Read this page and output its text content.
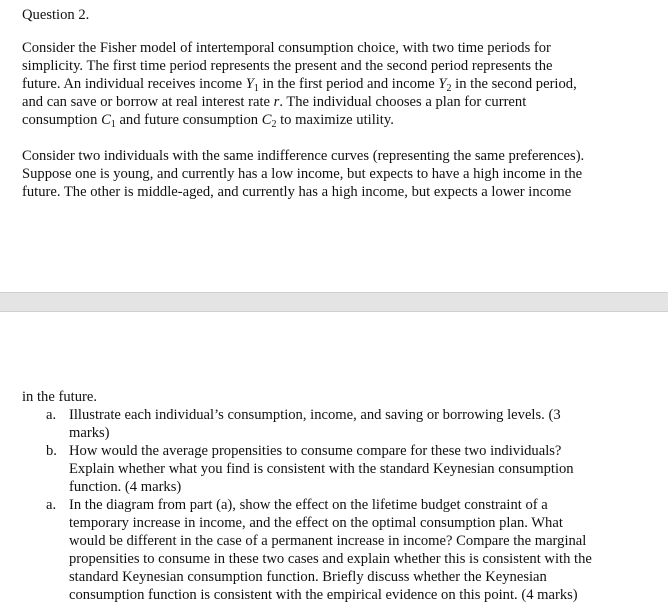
Question 2.
Consider the Fisher model of intertemporal consumption choice, with two time periods for
simplicity. The first time period represents the present and the second period represents the
future. An individual receives income $Y_1$ in the first period and income $Y_2$ in the second period,
and can save or borrow at real interest rate r. The individual chooses a plan for current
consumption $C_1$ and future consumption $C_2$ to maximize utility.
Consider two individuals with the same indifference curves (representing the same preferences).
Suppose one is young, and currently has a low income, but expects to have a high income in the
future. The other is middle-aged, and currently has a high income, but expects a lower income
in the future.
a. Illustrate each individual’s consumption, income, and saving or borrowing levels. (3
marks)
b. How would the average propensities to consume compare for these two individuals?
Explain whether what you find is consistent with the standard Keynesian consumption
function. (4 marks)
a. In the diagram from part (a), show the effect on the lifetime budget constraint of a
temporary increase in income, and the effect on the optimal consumption plan. What
would be different in the case of a permanent increase in income? Compare the marginal
propensities to consume in these two cases and explain whether this is consistent with the
standard Keynesian consumption function. Briefly discuss whether the Keynesian
consumption function is consistent with the empirical evidence on this point. (4 marks)
